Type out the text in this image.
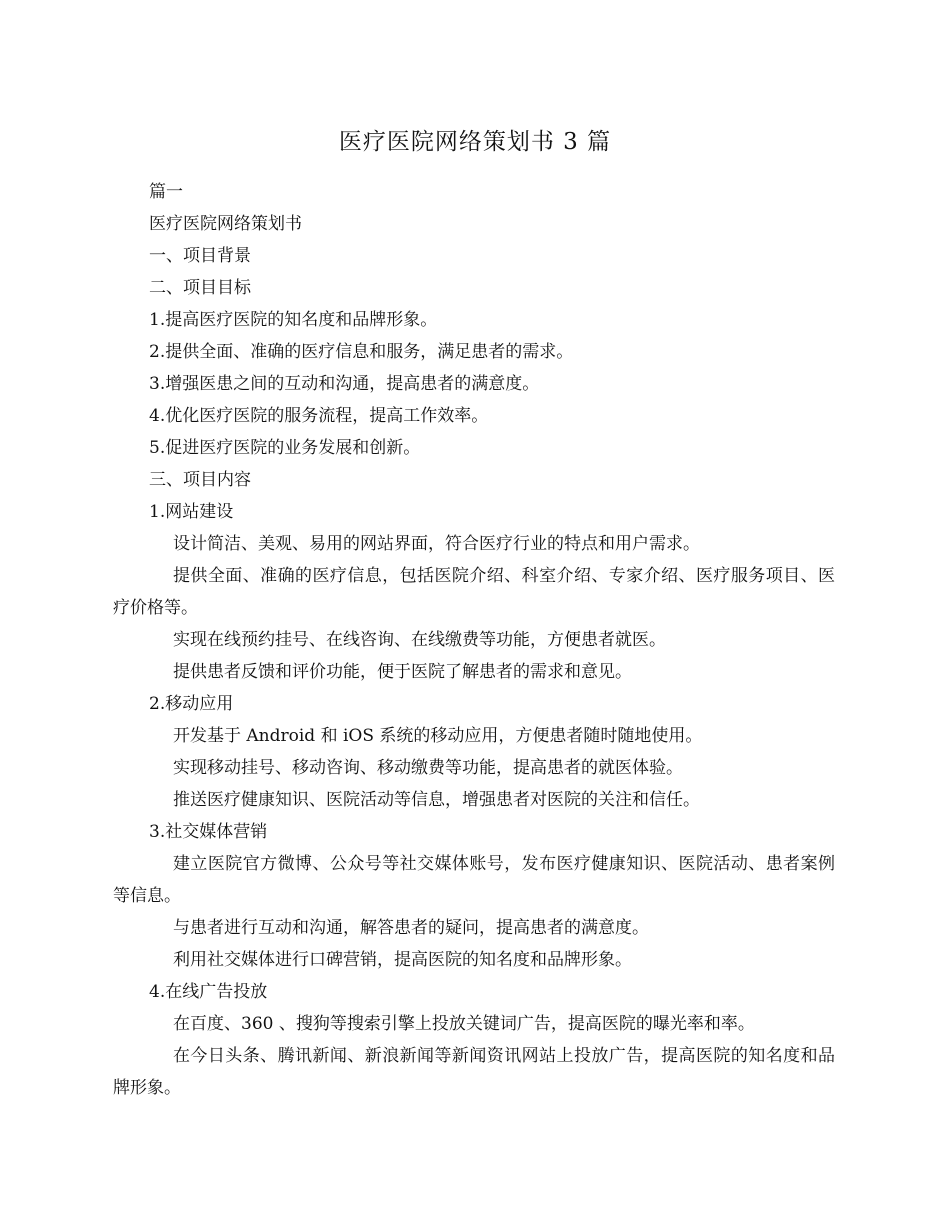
医疗医院网络策划书 3 篇

篇一

医疗医院网络策划书

一、项目背景

二、项目目标

1.提高医疗医院的知名度和品牌形象。

2.提供全面、准确的医疗信息和服务，满足患者的需求。

3.增强医患之间的互动和沟通，提高患者的满意度。

4.优化医疗医院的服务流程，提高工作效率。

5.促进医疗医院的业务发展和创新。

三、项目内容

1.网站建设

设计简洁、美观、易用的网站界面，符合医疗行业的特点和用户需求。

提供全面、准确的医疗信息，包括医院介绍、科室介绍、专家介绍、医疗服务项目、医疗价格等。

实现在线预约挂号、在线咨询、在线缴费等功能，方便患者就医。

提供患者反馈和评价功能，便于医院了解患者的需求和意见。

2.移动应用

开发基于 Android 和 iOS 系统的移动应用，方便患者随时随地使用。

实现移动挂号、移动咨询、移动缴费等功能，提高患者的就医体验。

推送医疗健康知识、医院活动等信息，增强患者对医院的关注和信任。

3.社交媒体营销

建立医院官方微博、公众号等社交媒体账号，发布医疗健康知识、医院活动、患者案例等信息。

与患者进行互动和沟通，解答患者的疑问，提高患者的满意度。

利用社交媒体进行口碑营销，提高医院的知名度和品牌形象。

4.在线广告投放

在百度、360 、搜狗等搜索引擎上投放关键词广告，提高医院的曝光率和率。

在今日头条、腾讯新闻、新浪新闻等新闻资讯网站上投放广告，提高医院的知名度和品牌形象。
